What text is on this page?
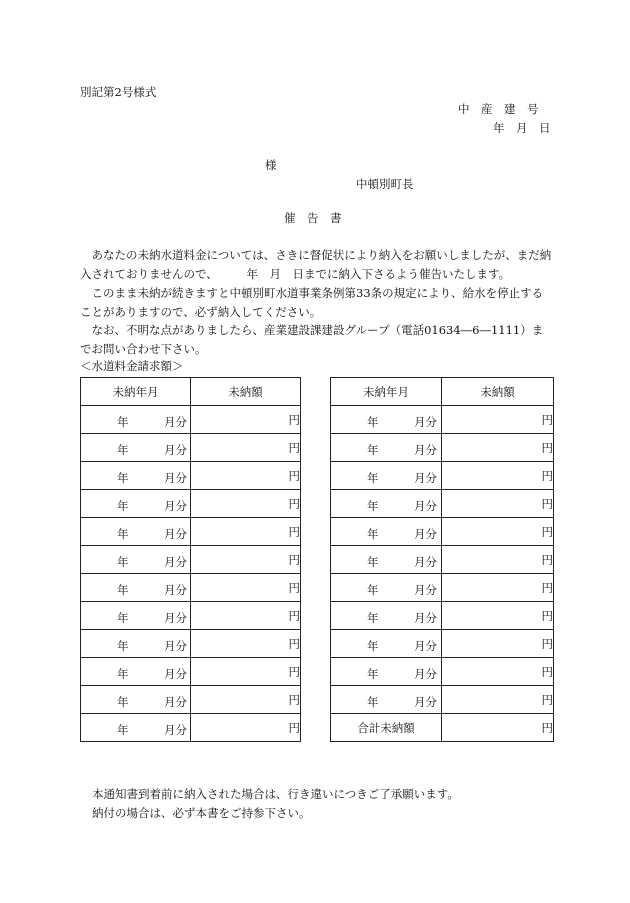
別記第2号様式
中　産　建　号
年　月　日
様
中頓別町長
催　告　書
あなたの未納水道料金については、さきに督促状により納入をお願いしましたが、まだ納入されておりませんので、　　　年　月　日までに納入下さるよう催告いたします。
このまま未納が続きますと中頓別町水道事業条例第33条の規定により、給水を停止することがありますので、必ず納入してください。
なお、不明な点がありましたら、産業建設課建設グループ（電話01634―6―1111）までお問い合わせ下さい。
＜水道料金請求額＞
未納年月	未納額

年 月分	円

年 月分	円

年 月分	円

年 月分	円

年 月分	円

年 月分	円

年 月分	円

年 月分	円

年 月分	円

年 月分	円

年 月分	円

年 月分	円
未納年月	未納額

年 月分	円

年 月分	円

年 月分	円

年 月分	円

年 月分	円

年 月分	円

年 月分	円

年 月分	円

年 月分	円

年 月分	円

年 月分	円
合計未納額	円
本通知書到着前に納入された場合は、行き違いにつきご了承願います。
納付の場合は、必ず本書をご持参下さい。
